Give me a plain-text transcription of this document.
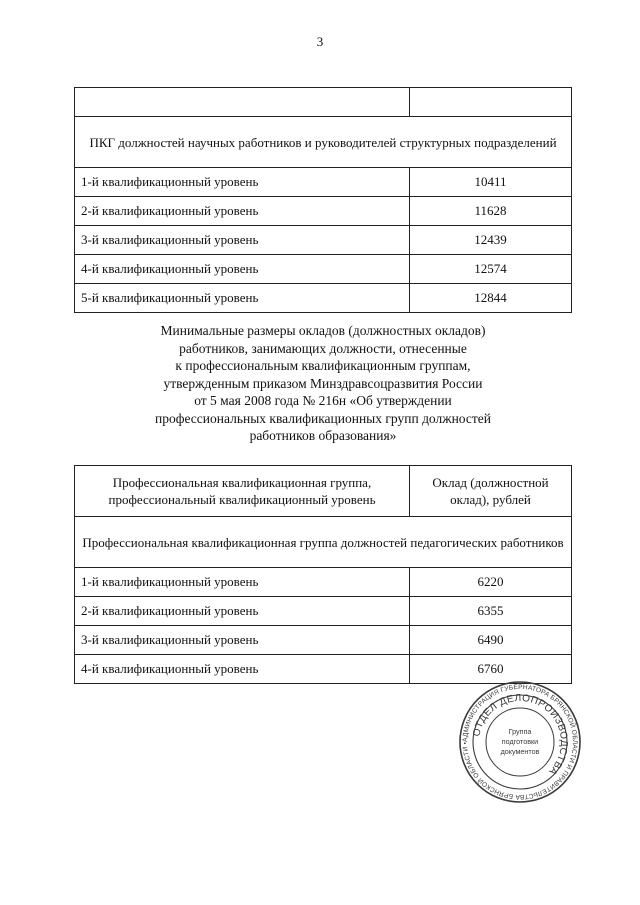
3

ПКГ должностей научных работников и руководителей структурных подразделений	
1-й квалификационный уровень	10411
2-й квалификационный уровень	11628
3-й квалификационный уровень	12439
4-й квалификационный уровень	12574
5-й квалификационный уровень	12844
Минимальные размеры окладов (должностных окладов)
работников, занимающих должности, отнесенные
к профессиональным квалификационным группам,
утвержденным приказом Минздравсоцразвития России
от 5 мая 2008 года № 216н «Об утверждении
профессиональных квалификационных групп должностей
работников образования»
Профессиональная квалификационная группа, профессиональный квалификационный уровень	Оклад (должностной оклад), рублей
Профессиональная квалификационная группа должностей педагогических работников	
1-й квалификационный уровень	6220
2-й квалификационный уровень	6355
3-й квалификационный уровень	6490
4-й квалификационный уровень	6760
АДМИНИСТРАЦИЯ ГУБЕРНАТОРА БРЯНСКОЙ ОБЛАСТИ И ПРАВИТЕЛЬСТВА БРЯНСКОЙ ОБЛАСТИ •
ОТДЕЛ ДЕЛОПРОИЗВОДСТВА
Группа
подготовки
документов
